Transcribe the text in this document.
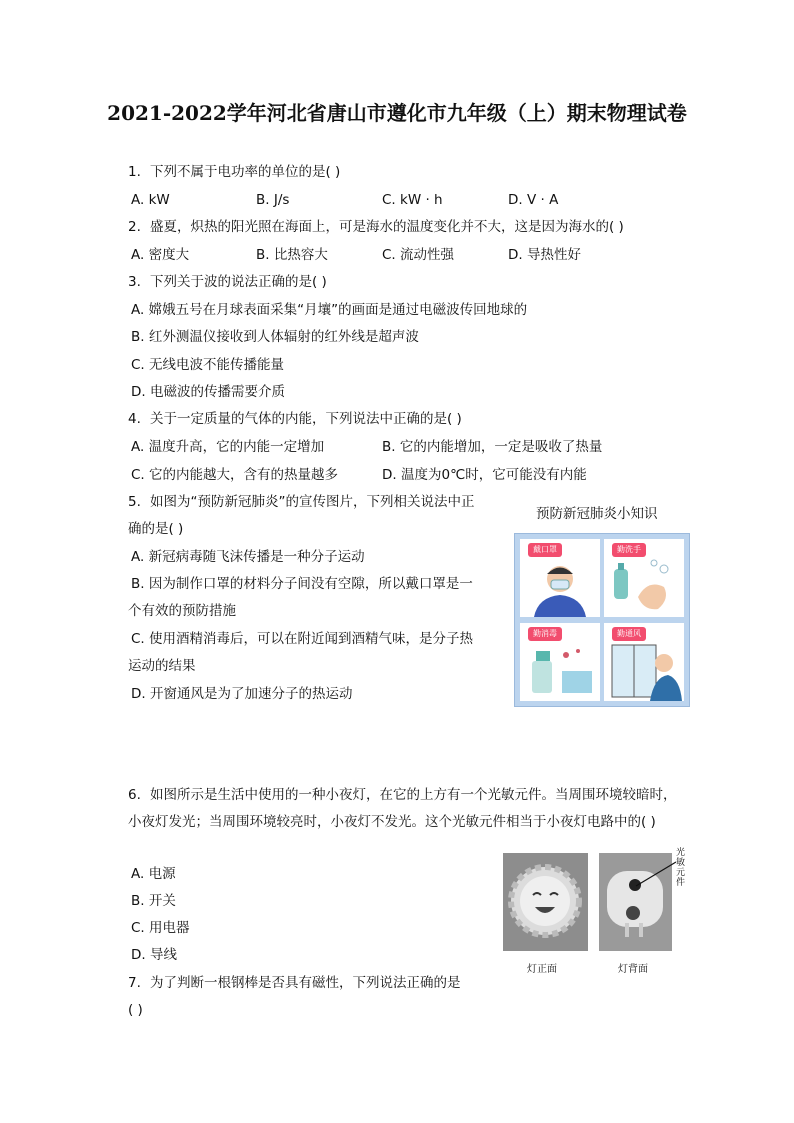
2021-2022学年河北省唐山市遵化市九年级（上）期末物理试卷
1. 下列不属于电功率的单位的是( )
A. kW	B. J/s	C. kW · h	D. V · A
2. 盛夏，炽热的阳光照在海面上，可是海水的温度变化并不大，这是因为海水的( )
A. 密度大	B. 比热容大	C. 流动性强	D. 导热性好
3. 下列关于波的说法正确的是( )
A. 嫦娥五号在月球表面采集“月壤”的画面是通过电磁波传回地球的
B. 红外测温仪接收到人体辐射的红外线是超声波
C. 无线电波不能传播能量
D. 电磁波的传播需要介质
4. 关于一定质量的气体的内能，下列说法中正确的是( )
A. 温度升高，它的内能一定增加	B. 它的内能增加，一定是吸收了热量
C. 它的内能越大，含有的热量越多	D. 温度为0℃时，它可能没有内能
5. 如图为“预防新冠肺炎”的宣传图片，下列相关说法中正
确的是( )
A. 新冠病毒随飞沫传播是一种分子运动
B. 因为制作口罩的材料分子间没有空隙，所以戴口罩是一
个有效的预防措施
C. 使用酒精消毒后，可以在附近闻到酒精气味，是分子热
运动的结果
D. 开窗通风是为了加速分子的热运动
预防新冠肺炎小知识
戴口罩	勤洗手
勤消毒	勤通风
6. 如图所示是生活中使用的一种小夜灯，在它的上方有一个光敏元件。当周围环境较暗时，
小夜灯发光；当周围环境较亮时，小夜灯不发光。这个光敏元件相当于小夜灯电路中的( )
A. 电源
B. 开关
C. 用电器
D. 导线
光敏元件
灯正面	灯背面
7. 为了判断一根钢棒是否具有磁性，下列说法正确的是
( )
